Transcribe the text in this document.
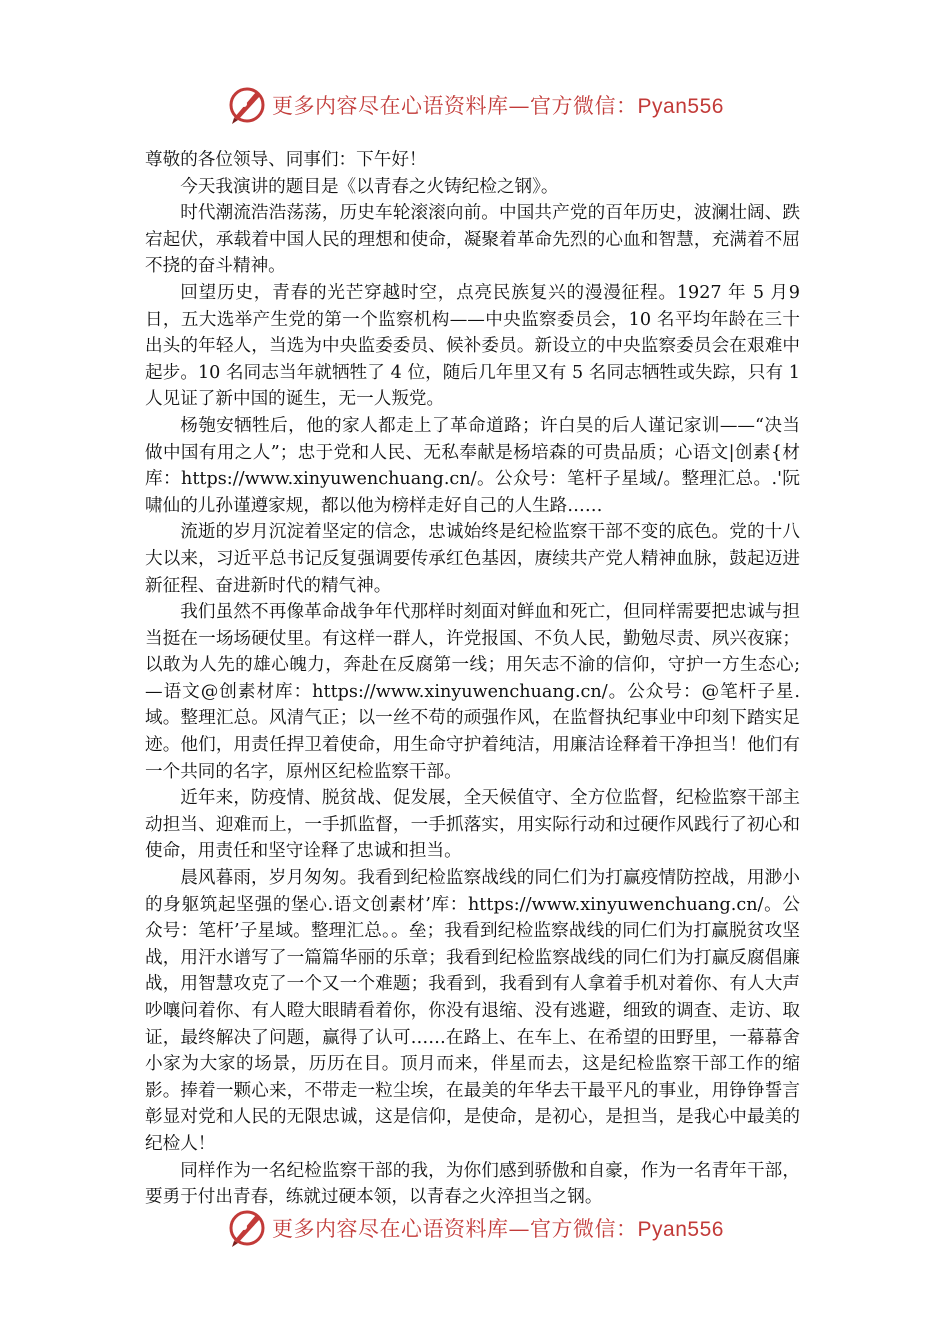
更多内容尽在心语资料库—官方微信：Pyan556

尊敬的各位领导、同事们：下午好！

今天我演讲的题目是《以青春之火铸纪检之钢》。

时代潮流浩浩荡荡，历史车轮滚滚向前。中国共产党的百年历史，波澜壮阔、跌宕起伏，承载着中国人民的理想和使命，凝聚着革命先烈的心血和智慧，充满着不屈不挠的奋斗精神。

回望历史，青春的光芒穿越时空，点亮民族复兴的漫漫征程。1927 年 5 月9 日，五大选举产生党的第一个监察机构——中央监察委员会，10 名平均年龄在三十出头的年轻人，当选为中央监委委员、候补委员。新设立的中央监察委员会在艰难中起步。10 名同志当年就牺牲了 4 位，随后几年里又有 5 名同志牺牲或失踪，只有 1 人见证了新中国的诞生，无一人叛党。

杨匏安牺牲后，他的家人都走上了革命道路；许白昊的后人谨记家训——“决当做中国有用之人”；忠于党和人民、无私奉献是杨培森的可贵品质；心语文|创素{材库：https://www.xinyuwenchuang.cn/。公众号：笔杆子星域/。整理汇总。.'阮啸仙的儿孙谨遵家规，都以他为榜样走好自己的人生路……

流逝的岁月沉淀着坚定的信念，忠诚始终是纪检监察干部不变的底色。党的十八大以来，习近平总书记反复强调要传承红色基因，赓续共产党人精神血脉，鼓起迈进新征程、奋进新时代的精气神。

我们虽然不再像革命战争年代那样时刻面对鲜血和死亡，但同样需要把忠诚与担当挺在一场场硬仗里。有这样一群人，许党报国、不负人民，勤勉尽责、夙兴夜寐；以敢为人先的雄心魄力，奔赴在反腐第一线；用矢志不渝的信仰，守护一方生态心;—语文@创素材库：https://www.xinyuwenchuang.cn/。公众号：@笔杆子星.域。整理汇总。风清气正；以一丝不苟的顽强作风，在监督执纪事业中印刻下踏实足迹。他们，用责任捍卫着使命，用生命守护着纯洁，用廉洁诠释着干净担当！他们有一个共同的名字，原州区纪检监察干部。

近年来，防疫情、脱贫战、促发展，全天候值守、全方位监督，纪检监察干部主动担当、迎难而上，一手抓监督，一手抓落实，用实际行动和过硬作风践行了初心和使命，用责任和坚守诠释了忠诚和担当。

晨风暮雨，岁月匆匆。我看到纪检监察战线的同仁们为打赢疫情防控战，用渺小的身躯筑起坚强的堡心.语文创素材’库：https://www.xinyuwenchuang.cn/。公众号：笔杆’子星域。整理汇总。。垒；我看到纪检监察战线的同仁们为打赢脱贫攻坚战，用汗水谱写了一篇篇华丽的乐章；我看到纪检监察战线的同仁们为打赢反腐倡廉战，用智慧攻克了一个又一个难题；我看到，我看到有人拿着手机对着你、有人大声吵嚷问着你、有人瞪大眼睛看着你，你没有退缩、没有逃避，细致的调查、走访、取证，最终解决了问题，赢得了认可……在路上、在车上、在希望的田野里，一幕幕舍小家为大家的场景，历历在目。顶月而来，伴星而去，这是纪检监察干部工作的缩影。捧着一颗心来，不带走一粒尘埃，在最美的年华去干最平凡的事业，用铮铮誓言彰显对党和人民的无限忠诚，这是信仰，是使命，是初心，是担当，是我心中最美的纪检人！

同样作为一名纪检监察干部的我，为你们感到骄傲和自豪，作为一名青年干部，要勇于付出青春，练就过硬本领，以青春之火淬担当之钢。

更多内容尽在心语资料库—官方微信：Pyan556
